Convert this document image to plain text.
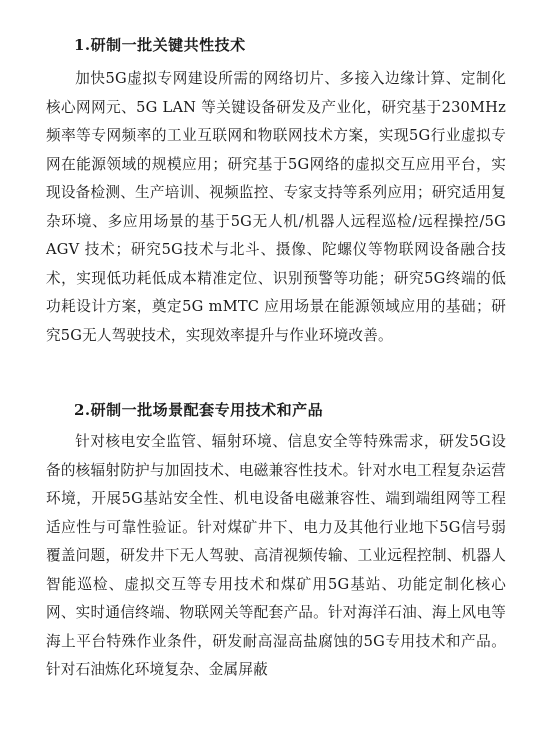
1.研制一批关键共性技术
加快5G虚拟专网建设所需的网络切片、多接入边缘计算、定制化核心网网元、5G LAN 等关键设备研发及产业化，研究基于230MHz 频率等专网频率的工业互联网和物联网技术方案，实现5G行业虚拟专网在能源领域的规模应用；研究基于5G网络的虚拟交互应用平台，实现设备检测、生产培训、视频监控、专家支持等系列应用；研究适用复杂环境、多应用场景的基于5G无人机/机器人远程巡检/远程操控/5G AGV 技术；研究5G技术与北斗、摄像、陀螺仪等物联网设备融合技术，实现低功耗低成本精准定位、识别预警等功能；研究5G终端的低功耗设计方案，奠定5G mMTC 应用场景在能源领域应用的基础；研究5G无人驾驶技术，实现效率提升与作业环境改善。
2.研制一批场景配套专用技术和产品
针对核电安全监管、辐射环境、信息安全等特殊需求，研发5G设备的核辐射防护与加固技术、电磁兼容性技术。针对水电工程复杂运营环境，开展5G基站安全性、机电设备电磁兼容性、端到端组网等工程适应性与可靠性验证。针对煤矿井下、电力及其他行业地下5G信号弱覆盖问题，研发井下无人驾驶、高清视频传输、工业远程控制、机器人智能巡检、虚拟交互等专用技术和煤矿用5G基站、功能定制化核心网、实时通信终端、物联网关等配套产品。针对海洋石油、海上风电等海上平台特殊作业条件，研发耐高湿高盐腐蚀的5G专用技术和产品。针对石油炼化环境复杂、金属屏蔽
